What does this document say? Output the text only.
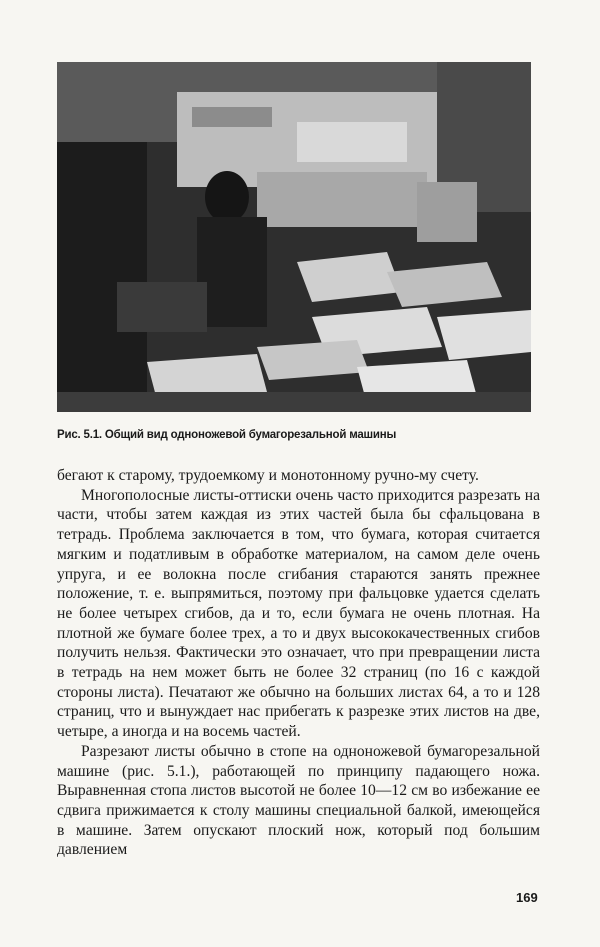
Рис. 5.1. Общий вид одноножевой бумагорезальной машины

бегают к старому, трудоемкому и монотонному ручно-му счету.

Многополосные листы-оттиски очень часто приходится разрезать на части, чтобы затем каждая из этих частей была бы сфальцована в тетрадь. Проблема заключается в том, что бумага, которая считается мягким и податливым в обработке материалом, на самом деле очень упруга, и ее волокна после сгибания стараются занять прежнее положение, т. е. выпрямиться, поэтому при фальцовке удается сделать не более четырех сгибов, да и то, если бумага не очень плотная. На плотной же бумаге более трех, а то и двух высококачественных сгибов получить нельзя. Фактически это означает, что при превращении листа в тетрадь на нем может быть не более 32 страниц (по 16 с каждой стороны листа). Печатают же обычно на больших листах 64, а то и 128 страниц, что и вынуждает нас прибегать к разрезке этих листов на две, четыре, а иногда и на восемь частей.

Разрезают листы обычно в стопе на одноножевой бумагорезальной машине (рис. 5.1.), работающей по принципу падающего ножа. Выравненная стопа листов высотой не более 10—12 см во избежание ее сдвига прижимается к столу машины специальной балкой, имеющейся в машине. Затем опускают плоский нож, который под большим давлением

169
